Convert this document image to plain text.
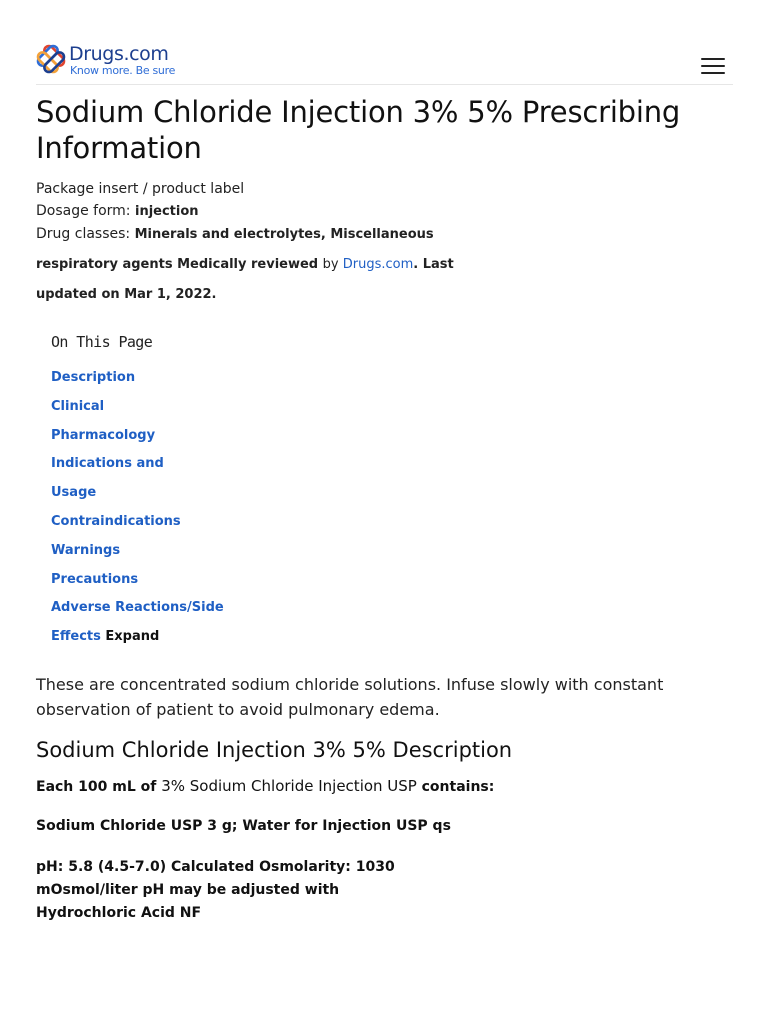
Drugs.com
Know more. Be sure
Sodium Chloride Injection 3% 5% Prescribing Information
Package insert / product label
Dosage form: injection
Drug classes: Minerals and electrolytes, Miscellaneous
respiratory agents Medically reviewed by Drugs.com. Last
updated on Mar 1, 2022.
On This Page
Description
Clinical
Pharmacology
Indications and
Usage
Contraindications
Warnings
Precautions
Adverse Reactions/Side
Effects Expand

These are concentrated sodium chloride solutions. Infuse slowly with constant observation of patient to avoid pulmonary edema.

Sodium Chloride Injection 3% 5% Description

Each 100 mL of 3% Sodium Chloride Injection USP contains:

Sodium Chloride USP 3 g; Water for Injection USP qs

pH: 5.8 (4.5-7.0) Calculated Osmolarity: 1030
mOsmol/liter pH may be adjusted with
Hydrochloric Acid NF
